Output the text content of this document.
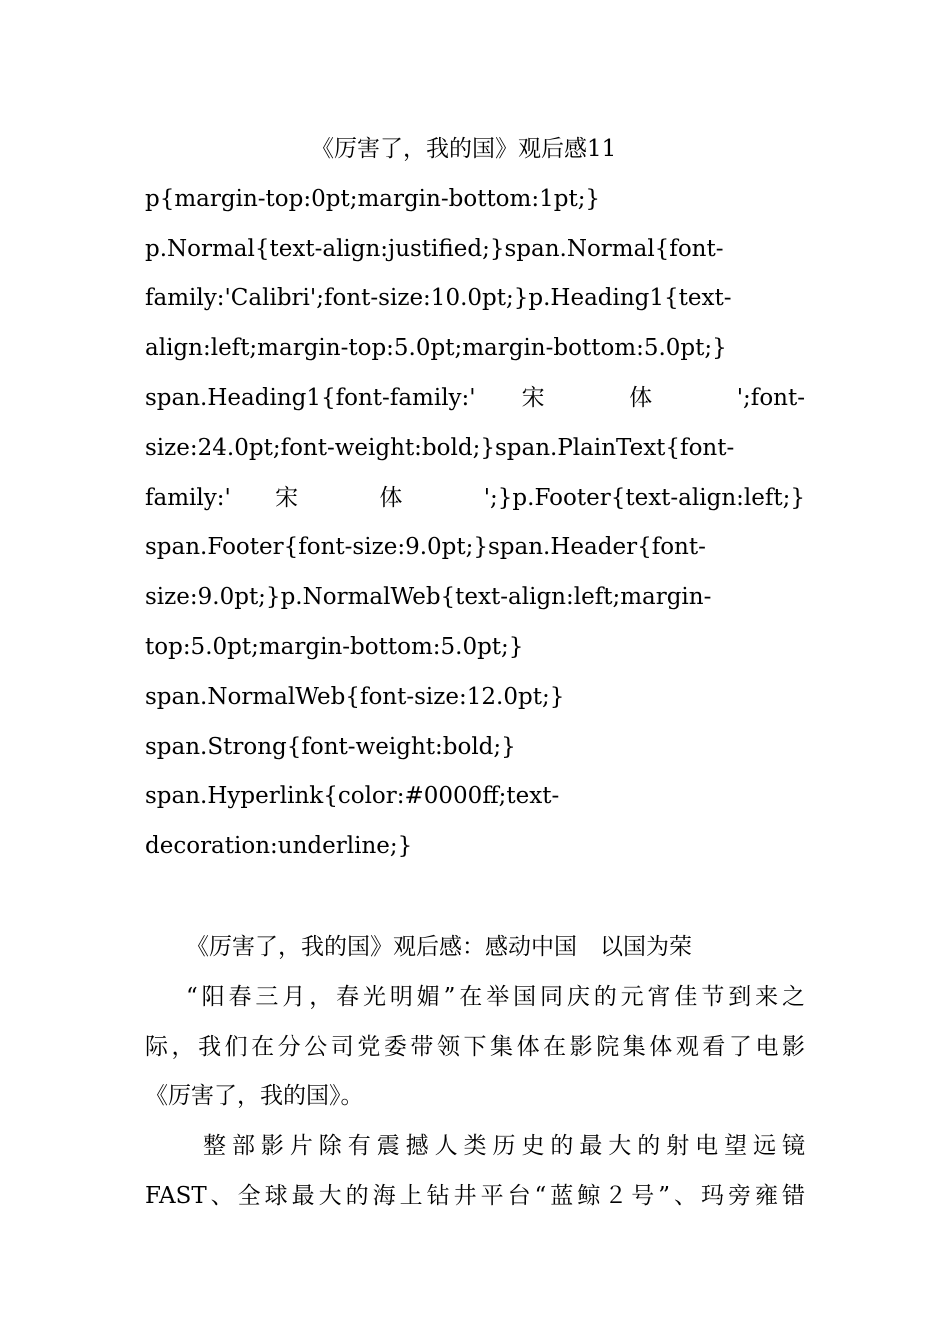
《厉害了，我的国》观后感11
p{margin-top:0pt;margin-bottom:1pt;}
p.Normal{text-align:justified;}span.Normal{font-
family:'Calibri';font-size:10.0pt;}p.Heading1{text-
align:left;margin-top:5.0pt;margin-bottom:5.0pt;}
span.Heading1{font-family:' 宋 体 ';font-
size:24.0pt;font-weight:bold;}span.PlainText{font-
family:' 宋 体 ';}p.Footer{text-align:left;}
span.Footer{font-size:9.0pt;}span.Header{font-
size:9.0pt;}p.NormalWeb{text-align:left;margin-
top:5.0pt;margin-bottom:5.0pt;}
span.NormalWeb{font-size:12.0pt;}
span.Strong{font-weight:bold;}
span.Hyperlink{color:#0000ff;text-
decoration:underline;}
《厉害了，我的国》观后感：感动中国　以国为荣
“阳春三月，春光明媚”在举国同庆的元宵佳节到来之
际，我们在分公司党委带领下集体在影院集体观看了电影
《厉害了，我的国》。
整部影片除有震撼人类历史的最大的射电望远镜
FAST、全球最大的海上钻井平台“蓝鲸２号”、玛旁雍错
